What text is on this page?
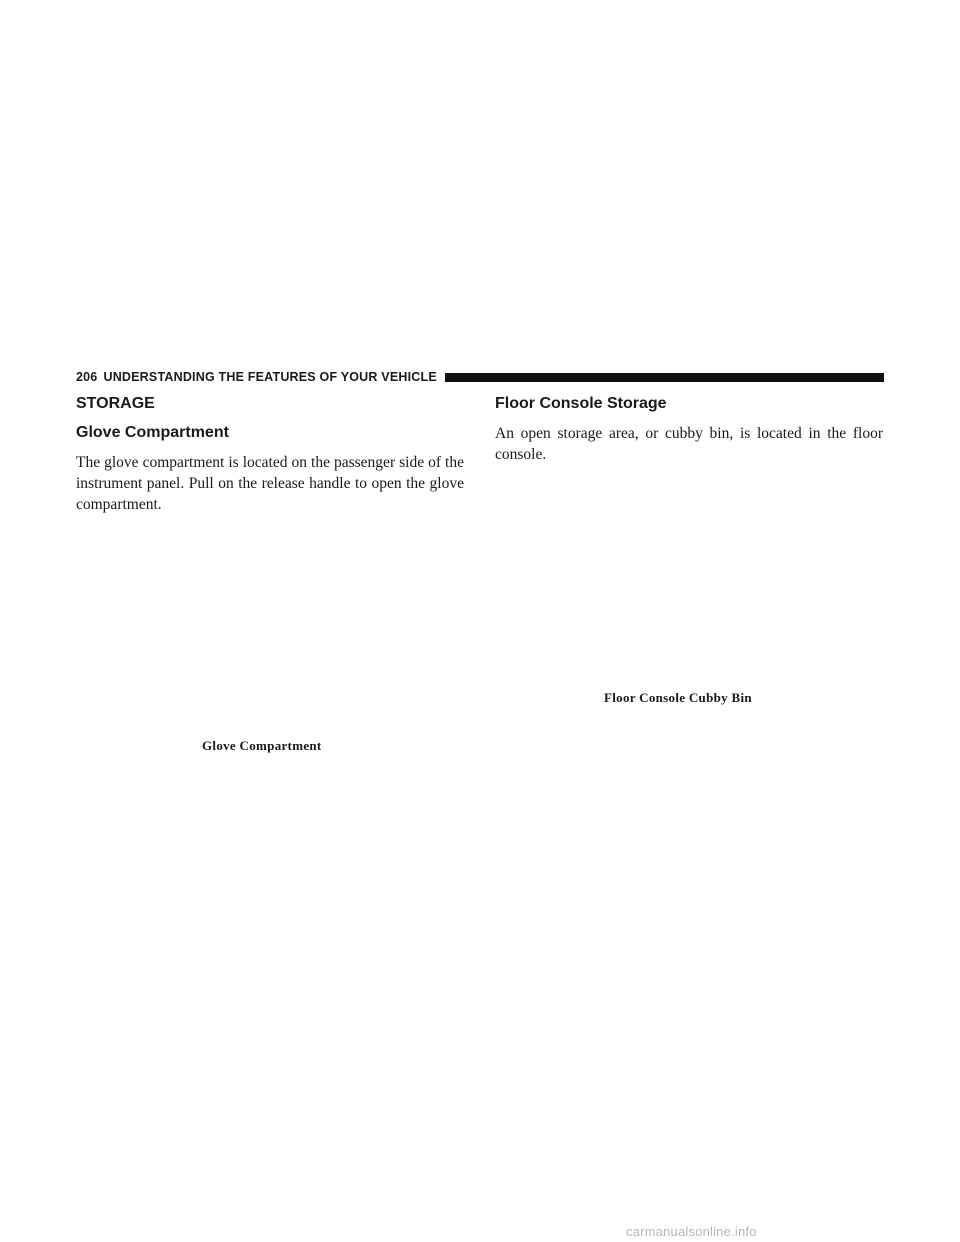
206 UNDERSTANDING THE FEATURES OF YOUR VEHICLE
STORAGE
Glove Compartment

The glove compartment is located on the passenger side of the instrument panel. Pull on the release handle to open the glove compartment.

Floor Console Storage

An open storage area, or cubby bin, is located in the floor console.

Glove Compartment
Floor Console Cubby Bin
carmanualsonline.info
